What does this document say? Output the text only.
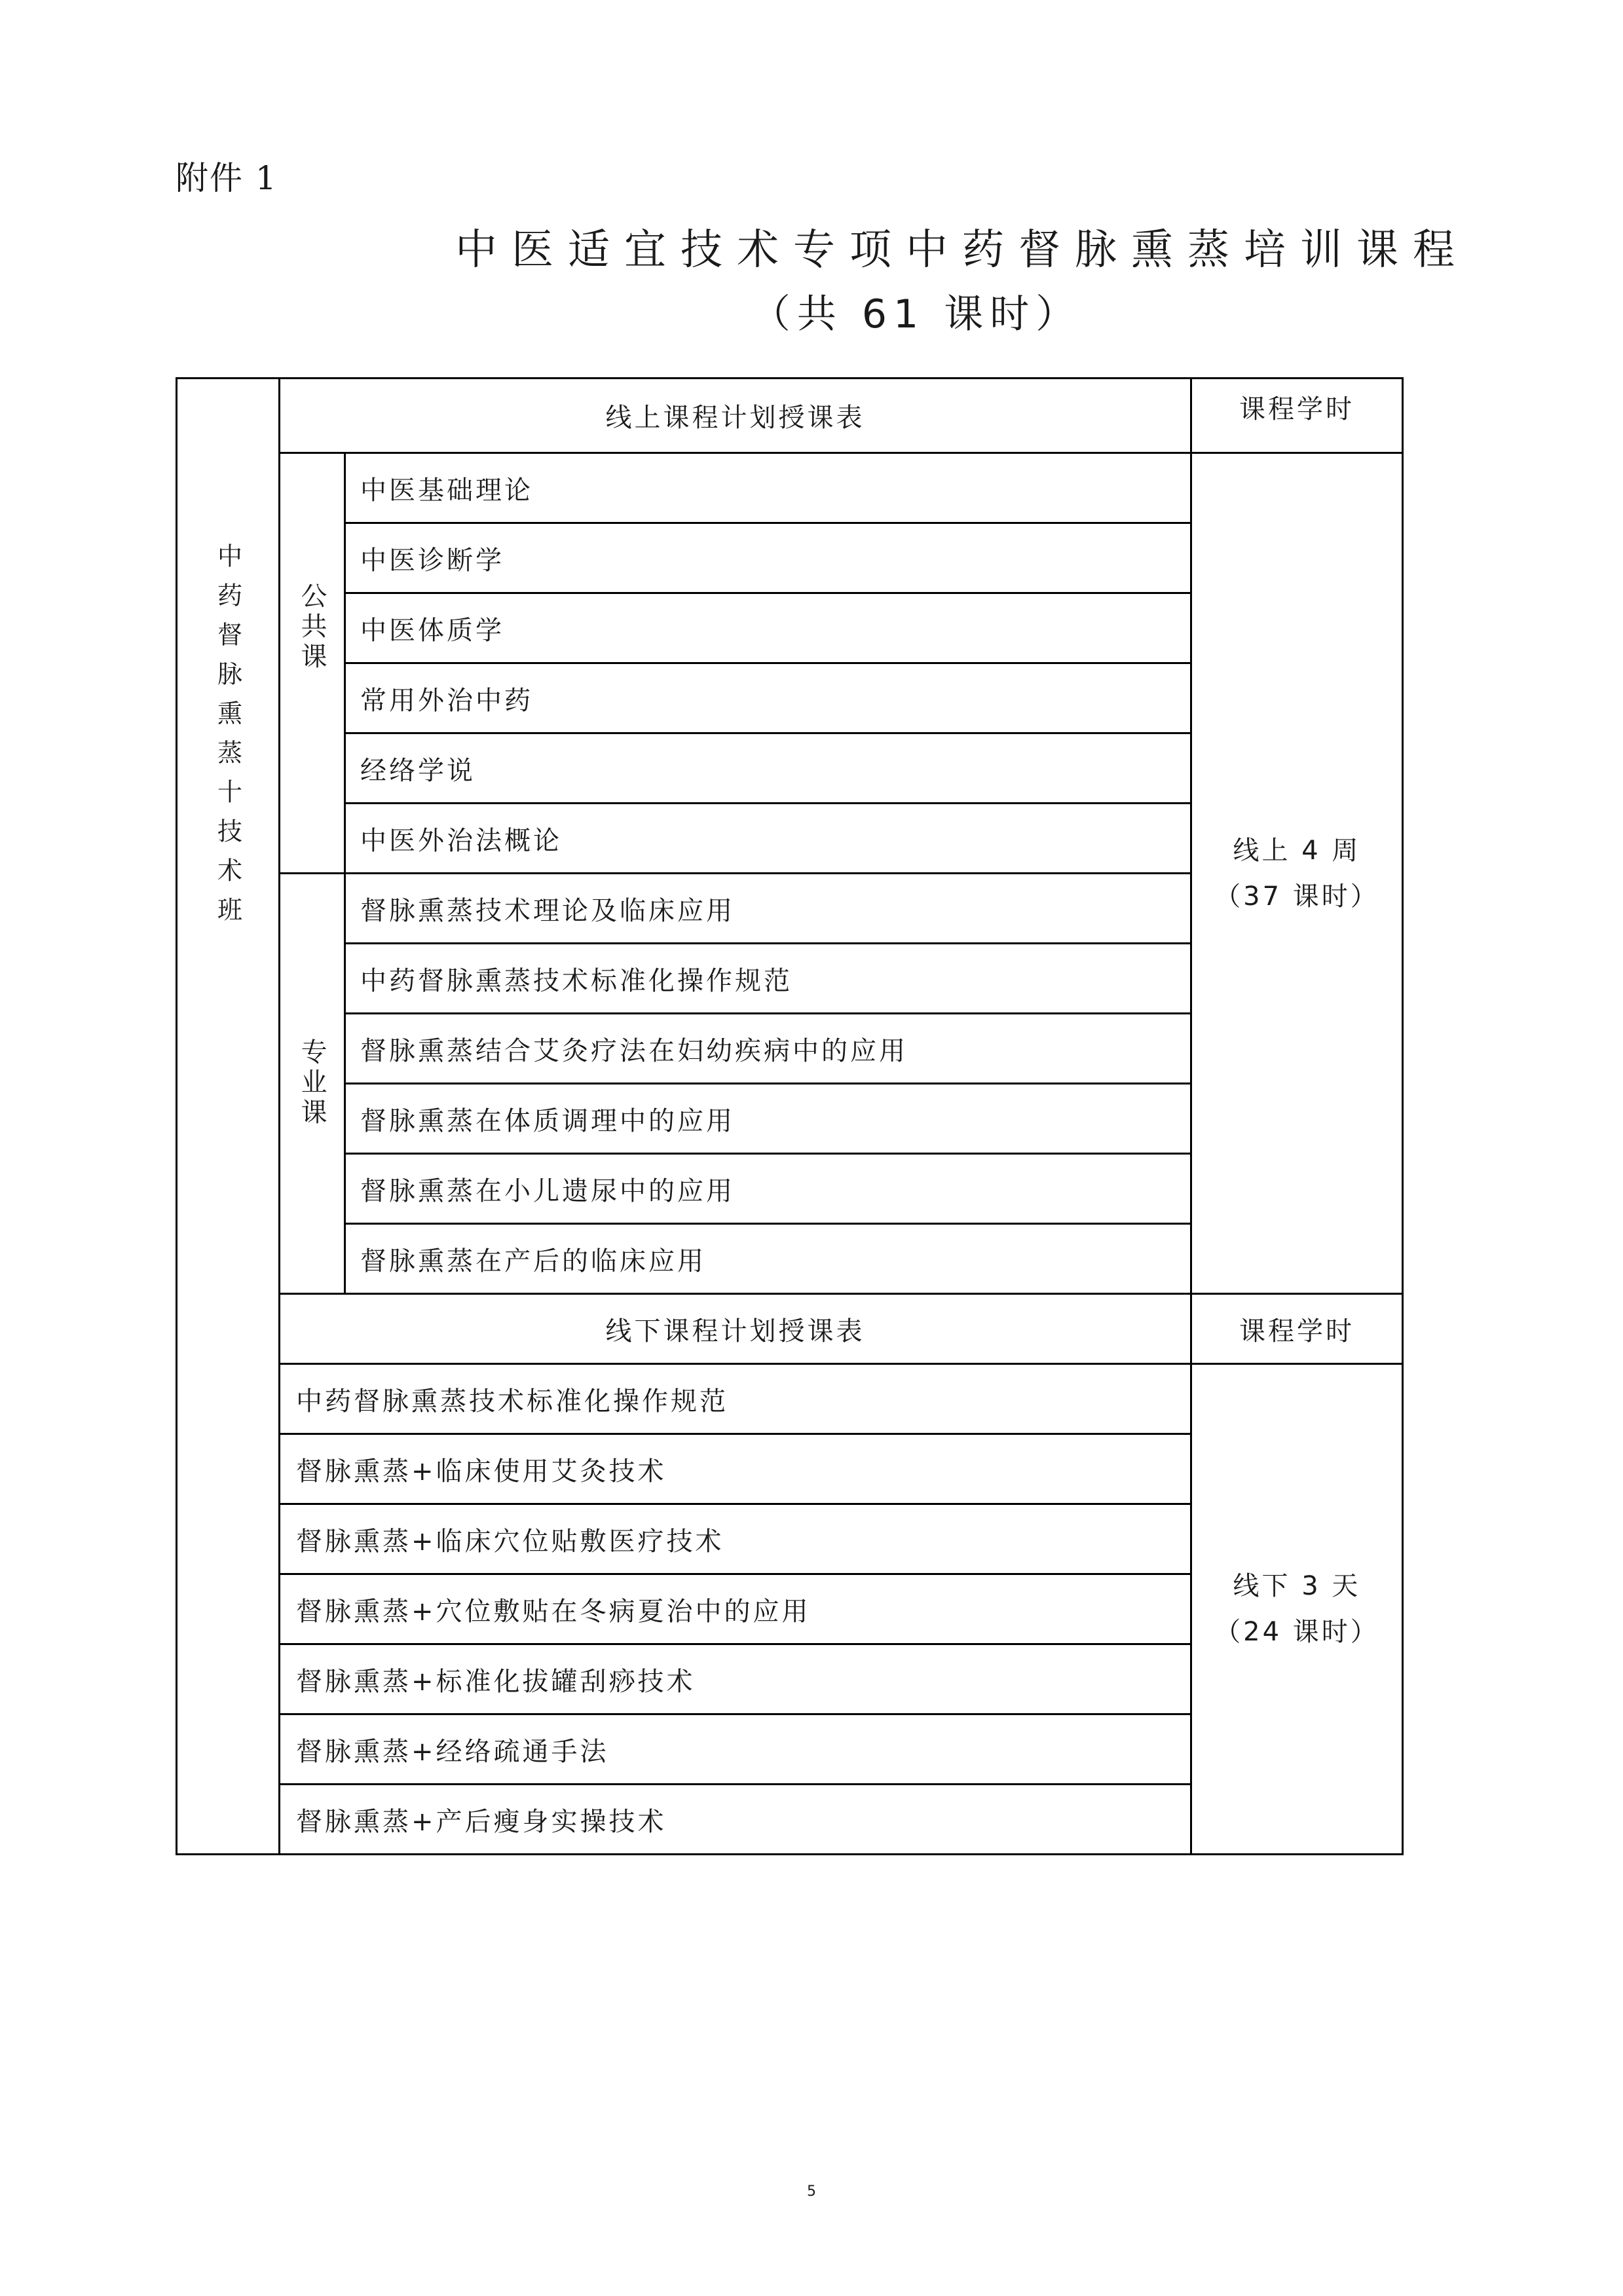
附件 1
中医适宜技术专项中药督脉熏蒸培训课程
（共 61 课时）
中药督脉熏蒸十技术班	线上课程计划授课表		课程学时

	公共课	中医基础理论	线上 4 周
（37 课时）

		中医诊断学	
		中医体质学	
		常用外治中药	
		经络学说	
		中医外治法概论	

	专业课	督脉熏蒸技术理论及临床应用	
		中药督脉熏蒸技术标准化操作规范	
		督脉熏蒸结合艾灸疗法在妇幼疾病中的应用	
		督脉熏蒸在体质调理中的应用	
		督脉熏蒸在小儿遗尿中的应用	
		督脉熏蒸在产后的临床应用	
	线下课程计划授课表		课程学时
	中药督脉熏蒸技术标准化操作规范		线下 3 天
（24 课时）

	督脉熏蒸+临床使用艾灸技术		
	督脉熏蒸+临床穴位贴敷医疗技术		
	督脉熏蒸+穴位敷贴在冬病夏治中的应用		
	督脉熏蒸+标准化拔罐刮痧技术		
	督脉熏蒸+经络疏通手法		
	督脉熏蒸+产后瘦身实操技术		
5
